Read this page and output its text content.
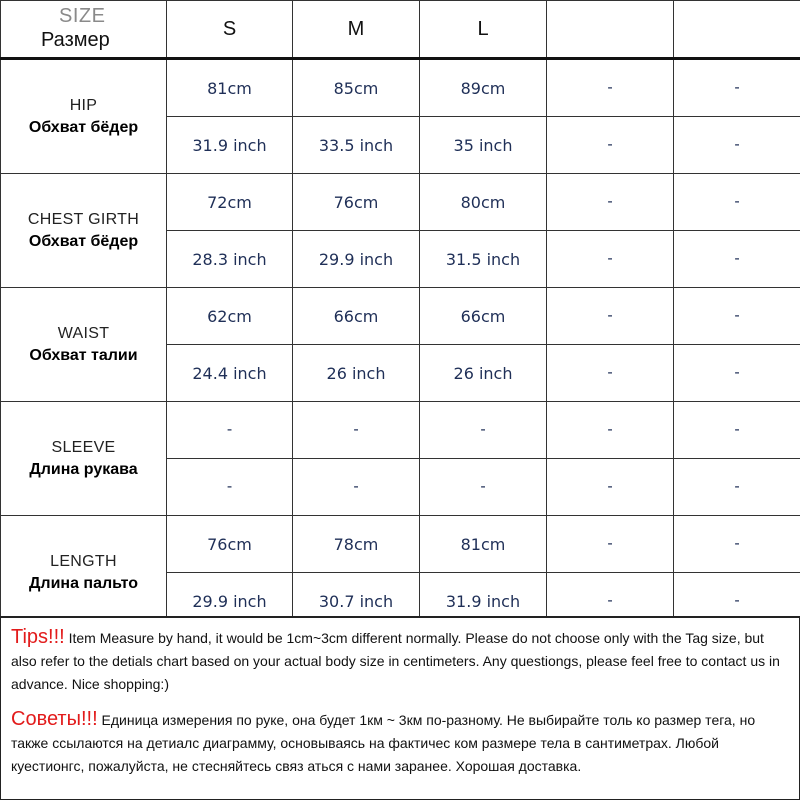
SIZE
Размер	S	M	L		

HIP
Обхват бёдер	81cm	85cm	89cm	-	-
	31.9 inch	33.5 inch	35 inch	-	-

CHEST GIRTH
Обхват бёдер	72cm	76cm	80cm	-	-
	28.3 inch	29.9 inch	31.5 inch	-	-

WAIST
Обхват талии	62cm	66cm	66cm	-	-
	24.4 inch	26 inch	26 inch	-	-

SLEEVE
Длина рукава	-	-	-	-	-
	-	-	-	-	-

LENGTH
Длина пальто	76cm	78cm	81cm	-	-
	29.9 inch	30.7 inch	31.9 inch	-	-
Tips!!! Item Measure by hand, it would be 1cm~3cm different normally. Please do not choose only with the Tag size, but also refer to the detials chart based on your actual body size in centimeters. Any questiongs, please feel free to contact us in advance. Nice shopping:)
Советы!!! Единица измерения по руке, она будет 1км ~ 3км по-разному. Не выбирайте толь ко размер тега, но также ссылаются на детиалс диаграмму, основываясь на фактичес ком размере тела в сантиметрах. Любой куестионгс, пожалуйста, не стесняйтесь связ аться с нами заранее. Хорошая доставка.
